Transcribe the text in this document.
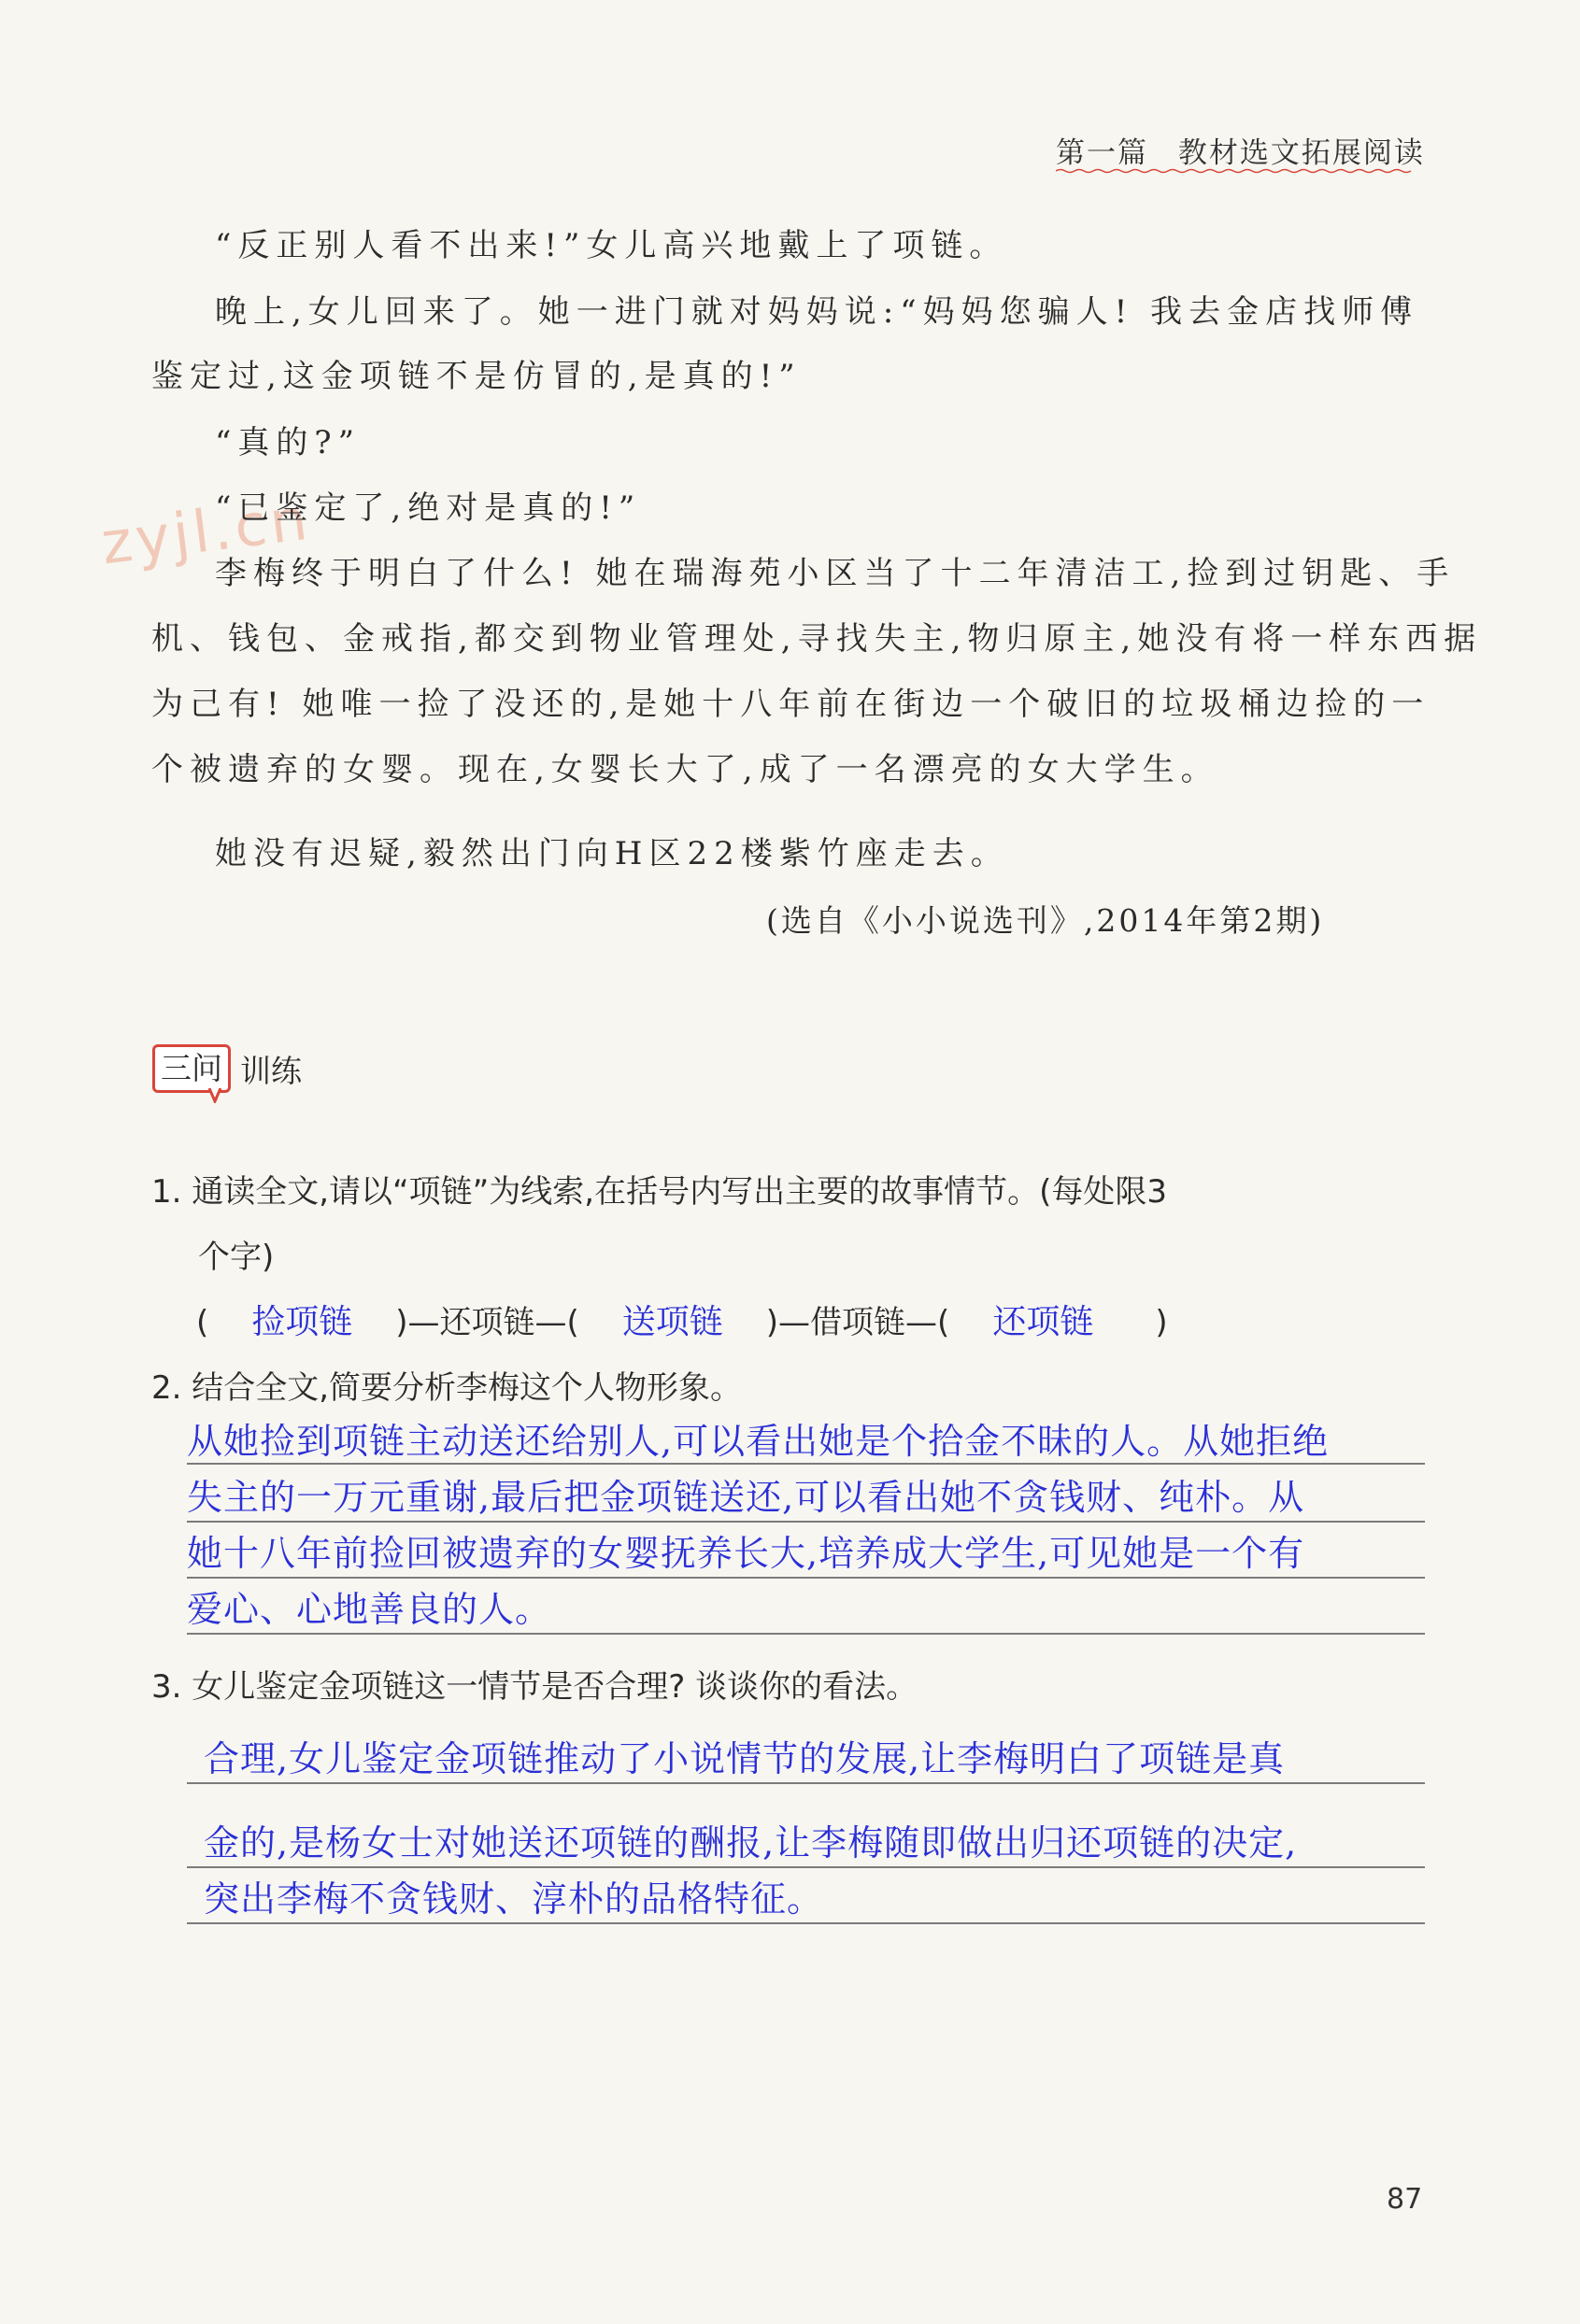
第一篇 教材选文拓展阅读
zyjl.cn

“反正别人看不出来!”女儿高兴地戴上了项链。

晚上,女儿回来了。她一进门就对妈妈说:“妈妈您骗人! 我去金店找师傅

鉴定过,这金项链不是仿冒的,是真的!”

“真的?”

“已鉴定了,绝对是真的!”

李梅终于明白了什么! 她在瑞海苑小区当了十二年清洁工,捡到过钥匙、手

机、钱包、金戒指,都交到物业管理处,寻找失主,物归原主,她没有将一样东西据

为己有! 她唯一捡了没还的,是她十八年前在街边一个破旧的垃圾桶边捡的一

个被遗弃的女婴。现在,女婴长大了,成了一名漂亮的女大学生。

她没有迟疑,毅然出门向H区22楼紫竹座走去。

(选自《小小说选刊》,2014年第2期)

三问 训练

1. 通读全文,请以“项链”为线索,在括号内写出主要的故事情节。(每处限3

个字)

( 捡项链 )—还项链—( 送项链 )—借项链—( 还项链 )

2. 结合全文,简要分析李梅这个人物形象。

从她捡到项链主动送还给别人,可以看出她是个拾金不昧的人。从她拒绝

失主的一万元重谢,最后把金项链送还,可以看出她不贪钱财、纯朴。从

她十八年前捡回被遗弃的女婴抚养长大,培养成大学生,可见她是一个有

爱心、心地善良的人。

3. 女儿鉴定金项链这一情节是否合理? 谈谈你的看法。

合理,女儿鉴定金项链推动了小说情节的发展,让李梅明白了项链是真

金的,是杨女士对她送还项链的酬报,让李梅随即做出归还项链的决定,

突出李梅不贪钱财、淳朴的品格特征。

87
